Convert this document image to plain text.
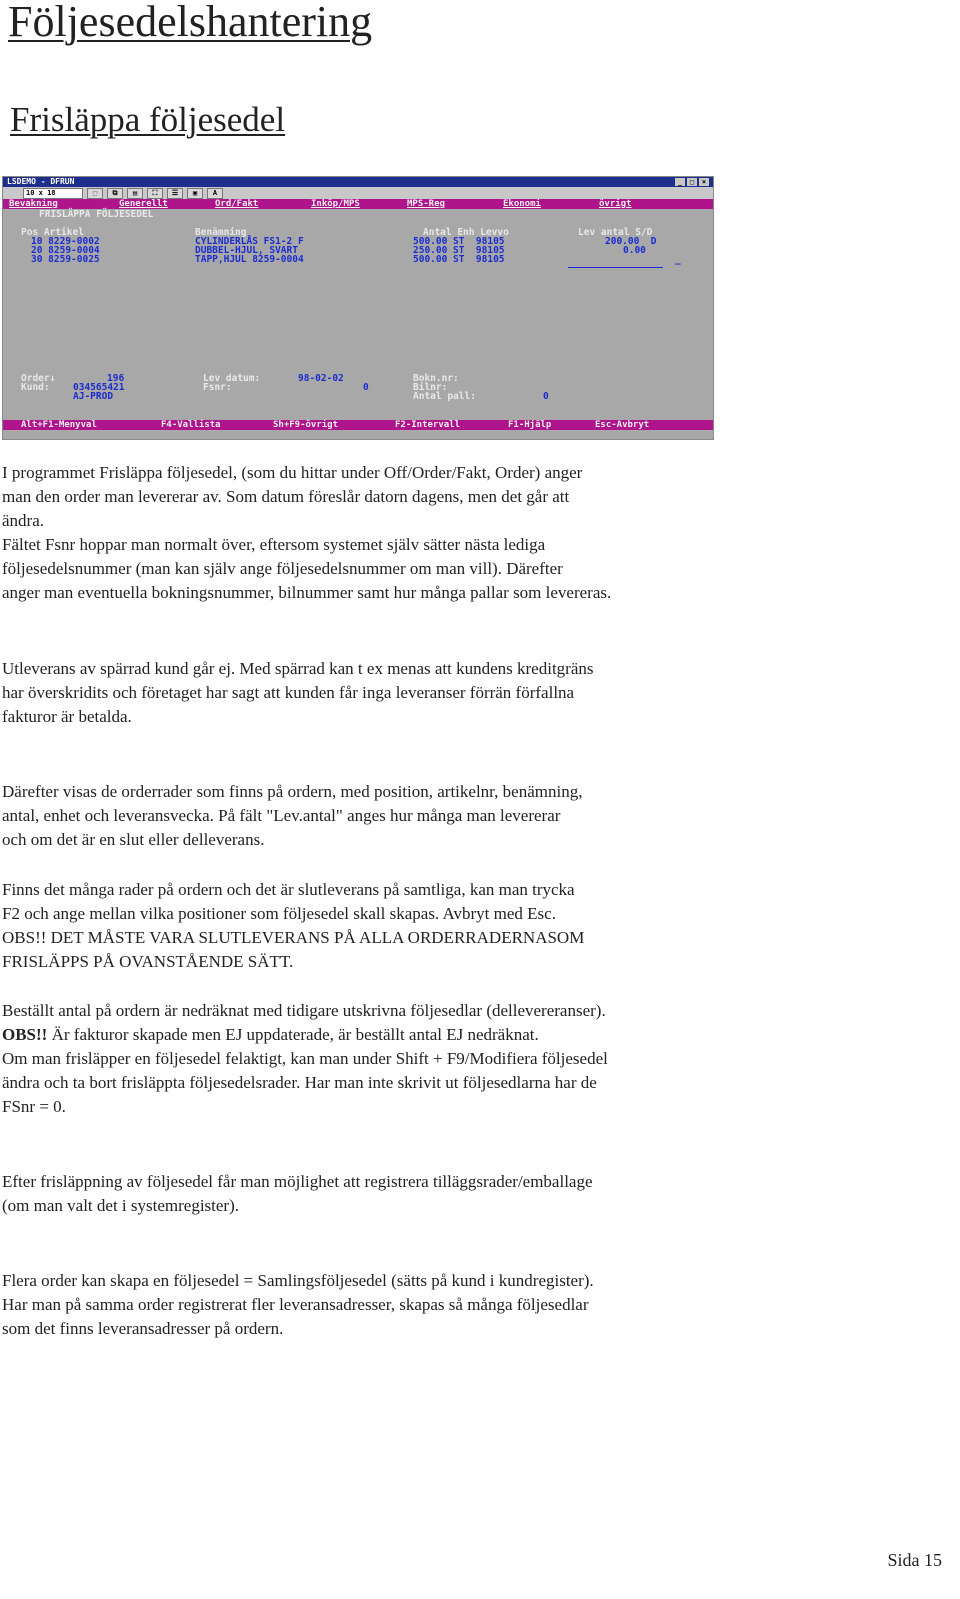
Följesedelshantering
Frisläppa följesedel
LSDEMO - DFRUN	_	□	×
10 x 18	⬚	⧉	▤	⛶	☰	▣	A
Bevakning	Generellt	Ord/Fakt	Inköp/MPS	MPS-Reg	Ekonomi	övrigt
FRISLÄPPA FÖLJESEDEL
Pos Artikel	Benämning	Antal Enh Levvo	Lev antal S/D
10 8229-0002	CYLINDERLÅS FS1-2 F	500.00 ST  98105	200.00  D
20 8259-0004	DUBBEL-HJUL, SVART	250.00 ST  98105	0.00
30 8259-0025	TAPP,HJUL 8259-0004	500.00 ST  98105	_
Order↓	196
Kund: 034565421
AJ-PROD
Lev datum:	98-02-02
Fsnr:	0
Bokn.nr:
Bilnr:
Antal pall:	0
Alt+F1-Menyval	F4-Vallista	Sh+F9-övrigt	F2-Intervall	F1-Hjälp	Esc-Avbryt
I programmet Frisläppa följesedel, (som du hittar under Off/Order/Fakt, Order) anger
man den order man levererar av. Som datum föreslår datorn dagens, men det går att
ändra.
Fältet Fsnr hoppar man normalt över, eftersom systemet själv sätter nästa lediga
följesedelsnummer (man kan själv ange följesedelsnummer om man vill). Därefter
anger man eventuella bokningsnummer, bilnummer samt hur många pallar som levereras.
Utleverans av spärrad kund går ej. Med spärrad kan t ex menas att kundens kreditgräns
har överskridits och företaget har sagt att kunden får inga leveranser förrän förfallna
fakturor är betalda.
Därefter visas de orderrader som finns på ordern, med position, artikelnr, benämning,
antal, enhet och leveransvecka. På fält "Lev.antal" anges hur många man levererar
och om det är en slut eller delleverans.
Finns det många rader på ordern och det är slutleverans på samtliga, kan man trycka
F2 och ange mellan vilka positioner som följesedel skall skapas. Avbryt med Esc.
OBS!! DET MÅSTE VARA SLUTLEVERANS PÅ ALLA ORDERRADERNASOM
FRISLÄPPS PÅ OVANSTÅENDE SÄTT.
Beställt antal på ordern är nedräknat med tidigare utskrivna följesedlar (dellevereranser).
OBS!! Är fakturor skapade men EJ uppdaterade, är beställt antal EJ nedräknat.
Om man frisläpper en följesedel felaktigt, kan man under Shift + F9/Modifiera följesedel
ändra och ta bort frisläppta följesedelsrader. Har man inte skrivit ut följesedlarna har de
FSnr = 0.
Efter frisläppning av följesedel får man möjlighet att registrera tilläggsrader/emballage
(om man valt det i systemregister).
Flera order kan skapa en följesedel = Samlingsföljesedel (sätts på kund i kundregister).
Har man på samma order registrerat fler leveransadresser, skapas så många följesedlar
som det finns leveransadresser på ordern.
Sida 15
